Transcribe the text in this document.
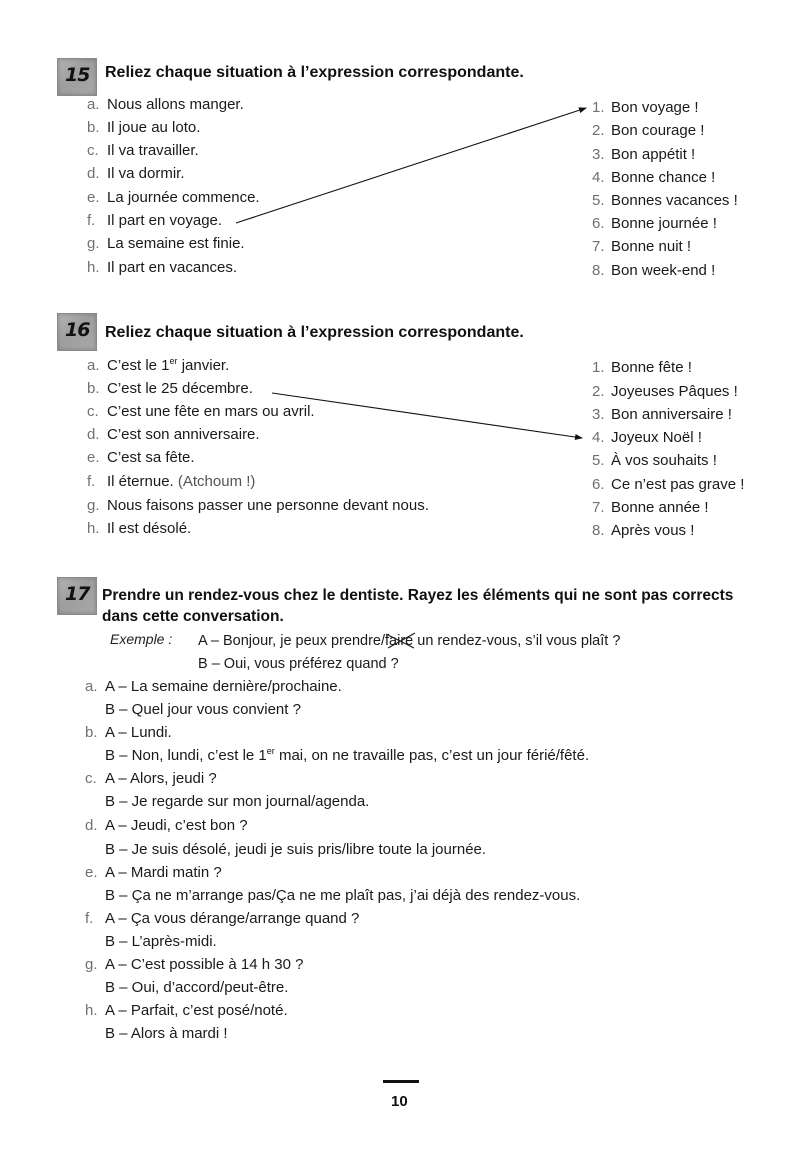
15 Reliez chaque situation à l’expression correspondante.
a. Nous allons manger.
b. Il joue au loto.
c. Il va travailler.
d. Il va dormir.
e. La journée commence.
f. Il part en voyage.
g. La semaine est finie.
h. Il part en vacances.
1. Bon voyage !
2. Bon courage !
3. Bon appétit !
4. Bonne chance !
5. Bonnes vacances !
6. Bonne journée !
7. Bonne nuit !
8. Bon week-end !
16 Reliez chaque situation à l’expression correspondante.
a. C’est le 1er janvier.
b. C’est le 25 décembre.
c. C’est une fête en mars ou avril.
d. C’est son anniversaire.
e. C’est sa fête.
f. Il éternue. (Atchoum !)
g. Nous faisons passer une personne devant nous.
h. Il est désolé.
1. Bonne fête !
2. Joyeuses Pâques !
3. Bon anniversaire !
4. Joyeux Noël !
5. À vos souhaits !
6. Ce n’est pas grave !
7. Bonne année !
8. Après vous !
17 Prendre un rendez-vous chez le dentiste. Rayez les éléments qui ne sont pas corrects
dans cette conversation.
Exemple : A – Bonjour, je peux prendre/faire
un rendez-vous, s’il vous plaît ?
B – Oui, vous préférez quand ?
a. A – La semaine dernière/prochaine.
B – Quel jour vous convient ?
b. A – Lundi.
B – Non, lundi, c’est le 1er mai, on ne travaille pas, c’est un jour férié/fêté.
c. A – Alors, jeudi ?
B – Je regarde sur mon journal/agenda.
d. A – Jeudi, c’est bon ?
B – Je suis désolé, jeudi je suis pris/libre toute la journée.
e. A – Mardi matin ?
B – Ça ne m’arrange pas/Ça ne me plaît pas, j’ai déjà des rendez-vous.
f. A – Ça vous dérange/arrange quand ?
B – L’après-midi.
g. A – C’est possible à 14 h 30 ?
B – Oui, d’accord/peut-être.
h. A – Parfait, c’est posé/noté.
B – Alors à mardi !
10
